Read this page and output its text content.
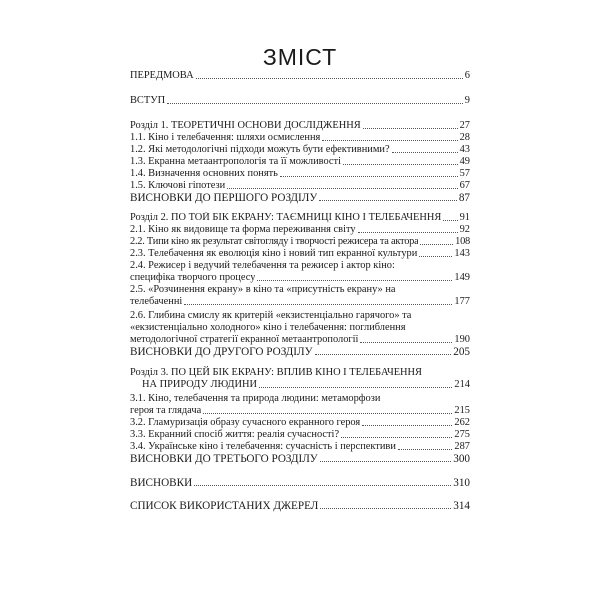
ЗМІСТ
ПЕРЕДМОВА	6
ВСТУП	9
Розділ 1. ТЕОРЕТИЧНІ ОСНОВИ ДОСЛІДЖЕННЯ	27
1.1. Кіно і телебачення: шляхи осмислення	28
1.2. Які методологічні підходи можуть бути ефективними?	43
1.3. Екранна метаантропологія та її можливості	49
1.4. Визначення основних понять	57
1.5. Ключові гіпотези	67
ВИСНОВКИ ДО ПЕРШОГО РОЗДІЛУ	87
Розділ 2. ПО ТОЙ БІК ЕКРАНУ: ТАЄМНИЦІ КІНО І ТЕЛЕБАЧЕННЯ 91
2.1. Кіно як видовище та форма переживання світу	92
2.2. Типи кіно як результат світогляду і творчості режисера та актора	108
2.3. Телебачення як еволюція кіно і новий тип екранної культури	143
2.4. Режисер і ведучий телебачення та режисер і актор кіно:
специфіка творчого процесу	149
2.5. «Розчинення екрану» в кіно та «присутність екрану» на
телебаченні	177
2.6. Глибина смислу як критерій «екзистенціально гарячого» та
«екзистенціально холодного» кіно і телебачення: поглиблення
методологічної стратегії екранної метаантропології	190
ВИСНОВКИ ДО ДРУГОГО РОЗДІЛУ	205
Розділ 3. ПО ЦЕЙ БІК ЕКРАНУ: ВПЛИВ КІНО І ТЕЛЕБАЧЕННЯ
НА ПРИРОДУ ЛЮДИНИ	214
3.1. Кіно, телебачення та природа людини: метаморфози
героя та глядача	215
3.2. Гламуризація образу сучасного екранного героя	262
3.3. Екранний спосіб життя: реалія сучасності?	275
3.4. Українське кіно і телебачення: сучасність і перспективи	287
ВИСНОВКИ ДО ТРЕТЬОГО РОЗДІЛУ	300
ВИСНОВКИ	310
СПИСОК ВИКОРИСТАНИХ ДЖЕРЕЛ	314
